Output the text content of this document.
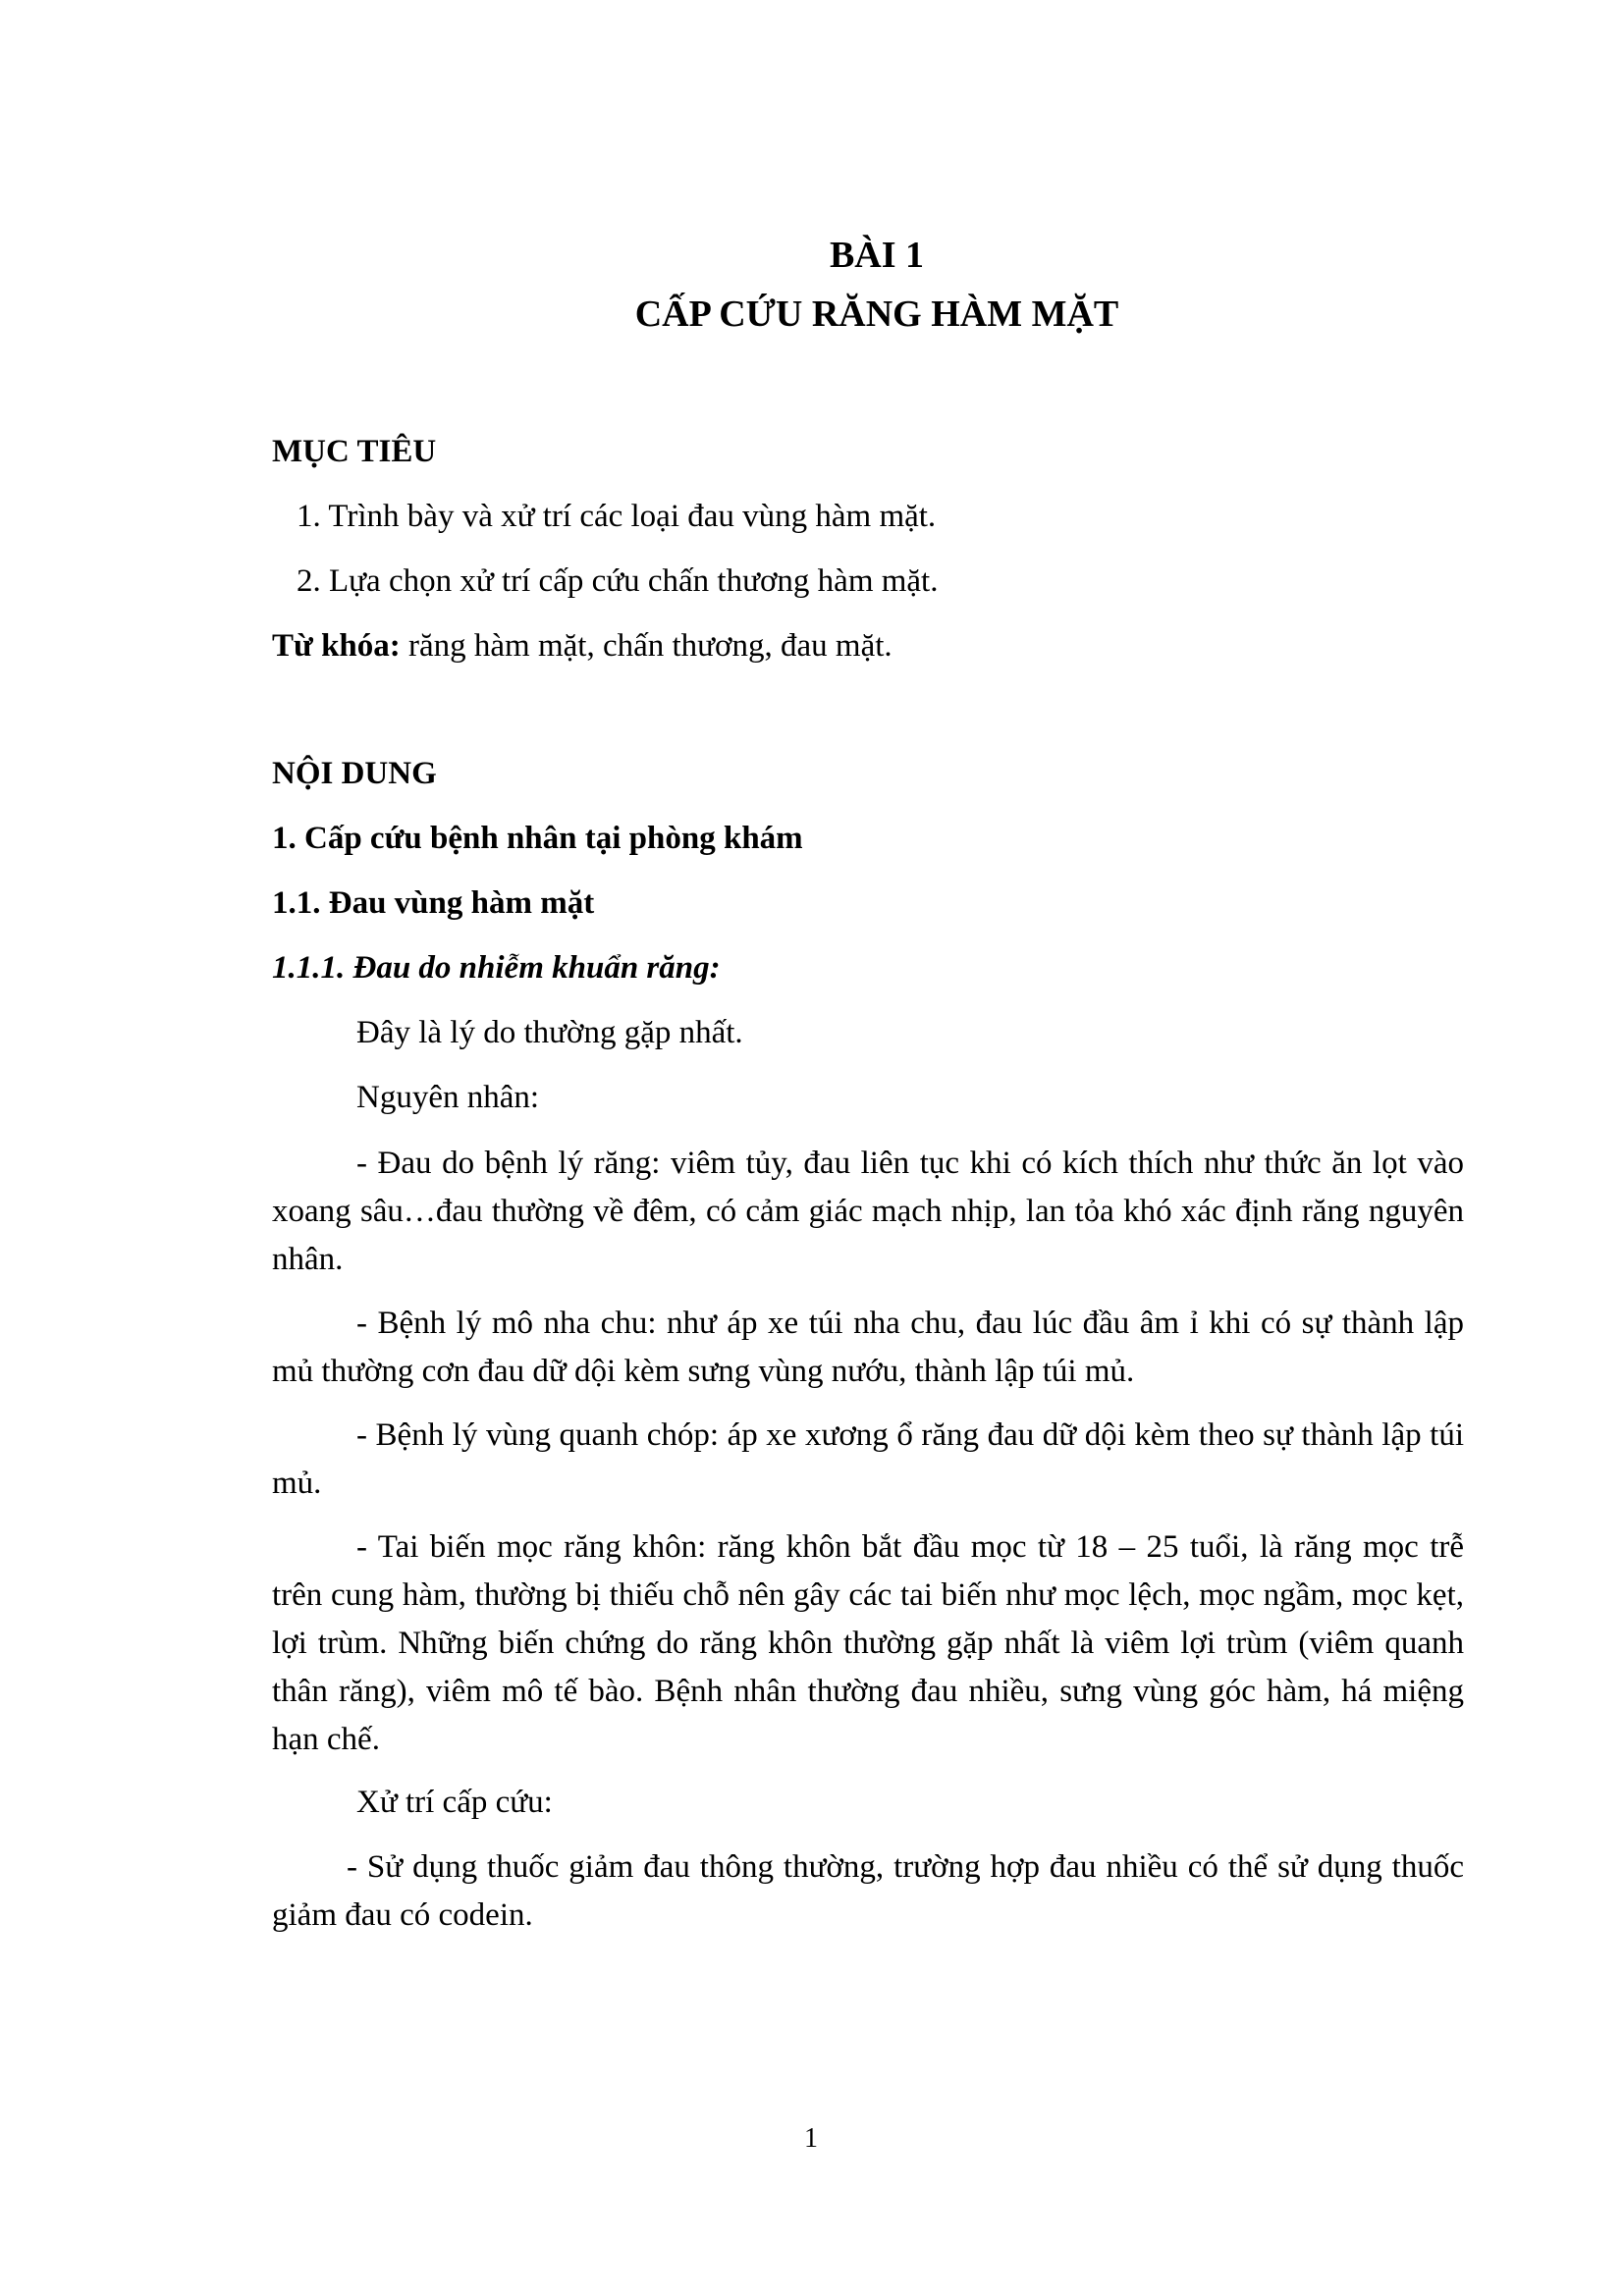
BÀI 1
CẤP CỨU RĂNG HÀM MẶT
MỤC TIÊU
1. Trình bày và xử trí các loại đau vùng hàm mặt.
2. Lựa chọn xử trí cấp cứu chấn thương hàm mặt.
Từ khóa: răng hàm mặt, chấn thương, đau mặt.
NỘI DUNG
1. Cấp cứu bệnh nhân tại phòng khám
1.1. Đau vùng hàm mặt
1.1.1. Đau do nhiễm khuẩn răng:
Đây là lý do thường gặp nhất.
Nguyên nhân:
- Đau do bệnh lý răng: viêm tủy, đau liên tục khi có kích thích như thức ăn lọt vào xoang sâu…đau thường về đêm, có cảm giác mạch nhịp, lan tỏa khó xác định răng nguyên nhân.
- Bệnh lý mô nha chu: như áp xe túi nha chu, đau lúc đầu âm ỉ khi có sự thành lập mủ thường cơn đau dữ dội kèm sưng vùng nướu, thành lập túi mủ.
- Bệnh lý vùng quanh chóp: áp xe xương ổ răng đau dữ dội kèm theo sự thành lập túi mủ.
- Tai biến mọc răng khôn: răng khôn bắt đầu mọc từ 18 – 25 tuổi, là răng mọc trễ trên cung hàm, thường bị thiếu chỗ nên gây các tai biến như mọc lệch, mọc ngầm, mọc kẹt, lợi trùm. Những biến chứng do răng khôn thường gặp nhất là viêm lợi trùm (viêm quanh thân răng), viêm mô tế bào. Bệnh nhân thường đau nhiều, sưng vùng góc hàm, há miệng hạn chế.
Xử trí cấp cứu:
- Sử dụng thuốc giảm đau thông thường, trường hợp đau nhiều có thể sử dụng thuốc giảm đau có codein.
1
